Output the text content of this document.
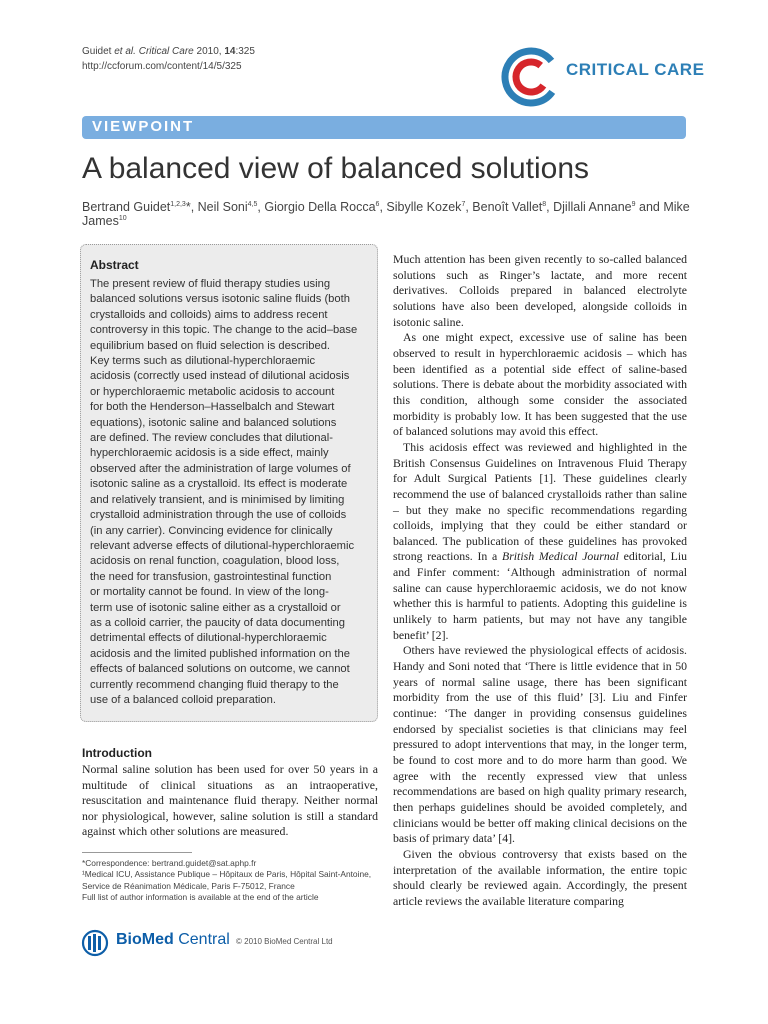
Guidet et al. Critical Care 2010, 14:325
http://ccforum.com/content/14/5/325	CRITICAL CARE
VIEWPOINT
A balanced view of balanced solutions
Bertrand Guidet$^{1,2,3}$*, Neil Soni$^{4,5}$, Giorgio Della Rocca$^6$, Sibylle Kozek$^7$, Benoît Vallet$^8$, Djillali Annane$^9$ and Mike James$^{10}$
Abstract
The present review of fluid therapy studies using
balanced solutions versus isotonic saline fluids (both
crystalloids and colloids) aims to address recent
controversy in this topic. The change to the acid–base
equilibrium based on fluid selection is described.
Key terms such as dilutional-hyperchloraemic
acidosis (correctly used instead of dilutional acidosis
or hyperchloraemic metabolic acidosis to account
for both the Henderson–Hasselbalch and Stewart
equations), isotonic saline and balanced solutions
are defined. The review concludes that dilutional-
hyperchloraemic acidosis is a side effect, mainly
observed after the administration of large volumes of
isotonic saline as a crystalloid. Its effect is moderate
and relatively transient, and is minimised by limiting
crystalloid administration through the use of colloids
(in any carrier). Convincing evidence for clinically
relevant adverse effects of dilutional-hyperchloraemic
acidosis on renal function, coagulation, blood loss,
the need for transfusion, gastrointestinal function
or mortality cannot be found. In view of the long-
term use of isotonic saline either as a crystalloid or
as a colloid carrier, the paucity of data documenting
detrimental effects of dilutional-hyperchloraemic
acidosis and the limited published information on the
effects of balanced solutions on outcome, we cannot
currently recommend changing fluid therapy to the
use of a balanced colloid preparation.
Introduction
Normal saline solution has been used for over 50 years in a multitude of clinical situations as an intraoperative, resuscitation and maintenance fluid therapy. Neither normal nor physiological, however, saline solution is still a standard against which other solutions are measured.
*Correspondence: bertrand.guidet@sat.aphp.fr
¹Medical ICU, Assistance Publique – Hôpitaux de Paris, Hôpital Saint-Antoine, Service de Réanimation Médicale, Paris F-75012, France
Full list of author information is available at the end of the article
BioMed Central © 2010 BioMed Central Ltd

Much attention has been given recently to so-called balanced solutions such as Ringer’s lactate, and more recent derivatives. Colloids prepared in balanced electrolyte solutions have also been developed, alongside colloids in isotonic saline.

As one might expect, excessive use of saline has been observed to result in hyperchloraemic acidosis – which has been identified as a potential side effect of saline-based solutions. There is debate about the morbidity associated with this condition, although some consider the associated morbidity is probably low. It has been suggested that the use of balanced solutions may avoid this effect.

This acidosis effect was reviewed and highlighted in the British Consensus Guidelines on Intravenous Fluid Therapy for Adult Surgical Patients [1]. These guidelines clearly recommend the use of balanced crystalloids rather than saline – but they make no specific recommendations regarding colloids, implying that they could be either standard or balanced. The publication of these guidelines has provoked strong reactions. In a British Medical Journal editorial, Liu and Finfer comment: ‘Although administration of normal saline can cause hyperchloraemic acidosis, we do not know whether this is harmful to patients. Adopting this guideline is unlikely to harm patients, but may not have any tangible benefit’ [2].

Others have reviewed the physiological effects of acidosis. Handy and Soni noted that ‘There is little evidence that in 50 years of normal saline usage, there has been significant morbidity from the use of this fluid’ [3]. Liu and Finfer continue: ‘The danger in providing consensus guidelines endorsed by specialist societies is that clinicians may feel pressured to adopt interventions that may, in the longer term, be found to cost more and to do more harm than good. We agree with the recently expressed view that unless recommendations are based on high quality primary research, then perhaps guidelines should be avoided completely, and clinicians would be better off making clinical decisions on the basis of primary data’ [4].

Given the obvious controversy that exists based on the interpretation of the available information, the entire topic should clearly be reviewed again. Accordingly, the present article reviews the available literature comparing
